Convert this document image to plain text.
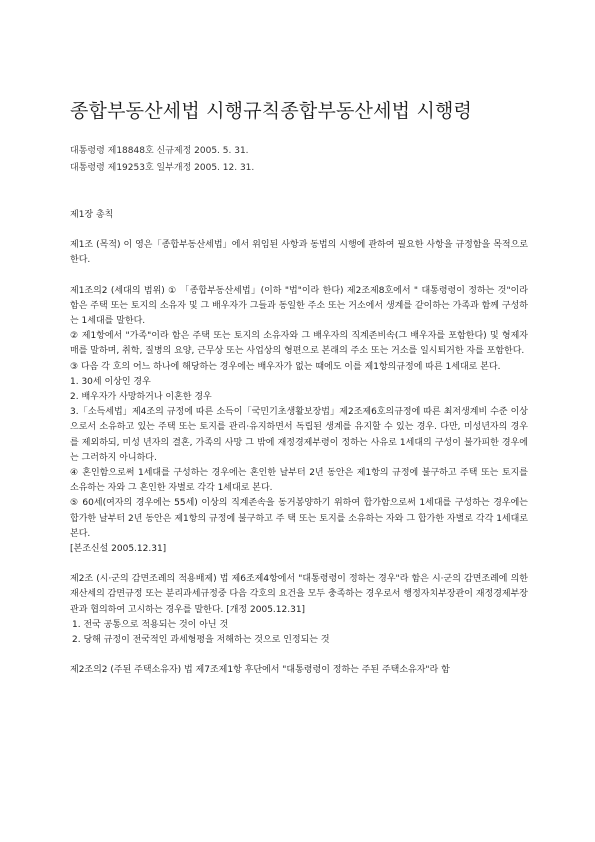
종합부동산세법 시행규칙종합부동산세법 시행령
대통령령 제18848호 신규제정 2005. 5. 31.
대통령령 제19253호 일부개정 2005. 12. 31.

제1장 총칙

제1조 (목적) 이 영은「종합부동산세법」에서 위임된 사항과 동법의 시행에 관하여 필요한 사항을 규정함을 목적으로 한다.

제1조의2 (세대의 범위) ① 「종합부동산세법」(이하 "법"이라 한다) 제2조제8호에서 " 대통령령이 정하는 것"이라 함은 주택 또는 토지의 소유자 및 그 배우자가 그들과 동일한 주소 또는 거소에서 생계를 같이하는 가족과 함께 구성하는 1세대를 말한다.

② 제1항에서 "가족"이라 함은 주택 또는 토지의 소유자와 그 배우자의 직계존비속(그 배우자를 포함한다) 및 형제자매를 말하며, 취학, 질병의 요양, 근무상 또는 사업상의 형편으로 본래의 주소 또는 거소를 일시퇴거한 자를 포함한다.

③ 다음 각 호의 어느 하나에 해당하는 경우에는 배우자가 없는 때에도 이를 제1항의규정에 따른 1세대로 본다.

1. 30세 이상인 경우

2. 배우자가 사망하거나 이혼한 경우

3.「소득세법」제4조의 규정에 따른 소득이「국민기초생활보장법」제2조제6호의규정에 따른 최저생계비 수준 이상으로서 소유하고 있는 주택 또는 토지를 관리·유지하면서 독립된 생계를 유지할 수 있는 경우. 다만, 미성년자의 경우를 제외하되, 미성 년자의 결혼, 가족의 사망 그 밖에 재정경제부령이 정하는 사유로 1세대의 구성이 불가피한 경우에는 그러하지 아니하다.

④ 혼인함으로써 1세대를 구성하는 경우에는 혼인한 날부터 2년 동안은 제1항의 규정에 불구하고 주택 또는 토지를 소유하는 자와 그 혼인한 자별로 각각 1세대로 본다.

⑤ 60세(여자의 경우에는 55세) 이상의 직계존속을 동거봉양하기 위하여 합가함으로써 1세대를 구성하는 경우에는 합가한 날부터 2년 동안은 제1항의 규정에 불구하고 주 택 또는 토지를 소유하는 자와 그 합가한 자별로 각각 1세대로 본다.

[본조신설 2005.12.31]

제2조 (시·군의 감면조례의 적용배제) 법 제6조제4항에서 "대통령령이 정하는 경우"라 함은 시·군의 감면조례에 의한 재산세의 감면규정 또는 분리과세규정중 다음 각호의 요건을 모두 충족하는 경우로서 행정자치부장관이 재정경제부장관과 협의하여 고시하는 경우를 말한다. [개정 2005.12.31]

1. 전국 공통으로 적용되는 것이 아닌 것

2. 당해 규정이 전국적인 과세형평을 저해하는 것으로 인정되는 것

제2조의2 (주된 주택소유자) 법 제7조제1항 후단에서 "대통령령이 정하는 주된 주택소유자"라 함
